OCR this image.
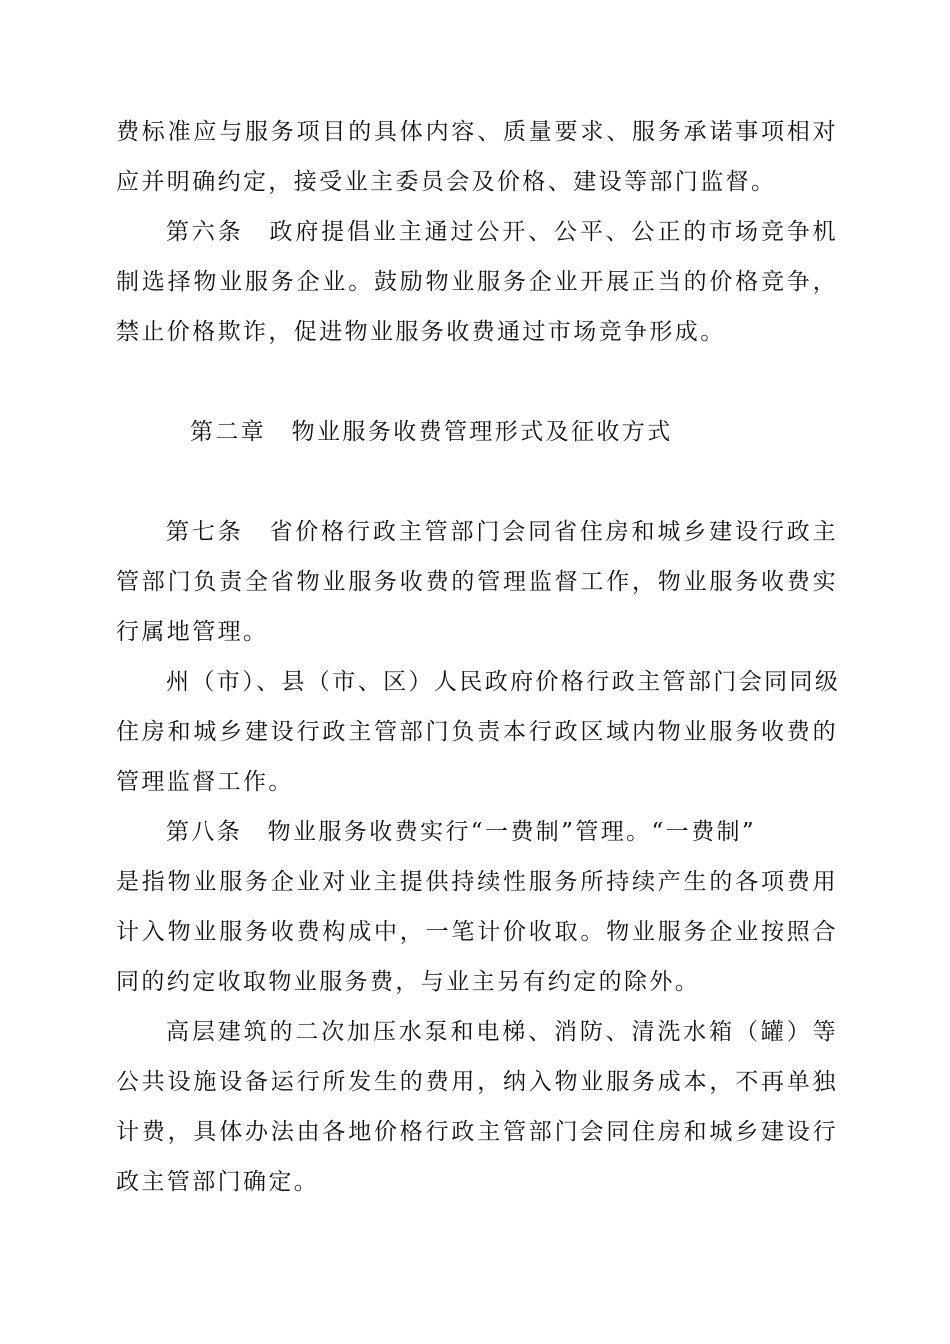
费标准应与服务项目的具体内容、质量要求、服务承诺事项相对
应并明确约定，接受业主委员会及价格、建设等部门监督。
第六条　政府提倡业主通过公开、公平、公正的市场竞争机
制选择物业服务企业。鼓励物业服务企业开展正当的价格竞争，
禁止价格欺诈，促进物业服务收费通过市场竞争形成。
第二章　物业服务收费管理形式及征收方式
第七条　省价格行政主管部门会同省住房和城乡建设行政主
管部门负责全省物业服务收费的管理监督工作，物业服务收费实
行属地管理。
州（市）、县（市、区）人民政府价格行政主管部门会同同级
住房和城乡建设行政主管部门负责本行政区域内物业服务收费的
管理监督工作。
第八条　物业服务收费实行“一费制”管理。“一费制”
是指物业服务企业对业主提供持续性服务所持续产生的各项费用
计入物业服务收费构成中，一笔计价收取。物业服务企业按照合
同的约定收取物业服务费，与业主另有约定的除外。
高层建筑的二次加压水泵和电梯、消防、清洗水箱（罐）等
公共设施设备运行所发生的费用，纳入物业服务成本，不再单独
计费，具体办法由各地价格行政主管部门会同住房和城乡建设行
政主管部门确定。
